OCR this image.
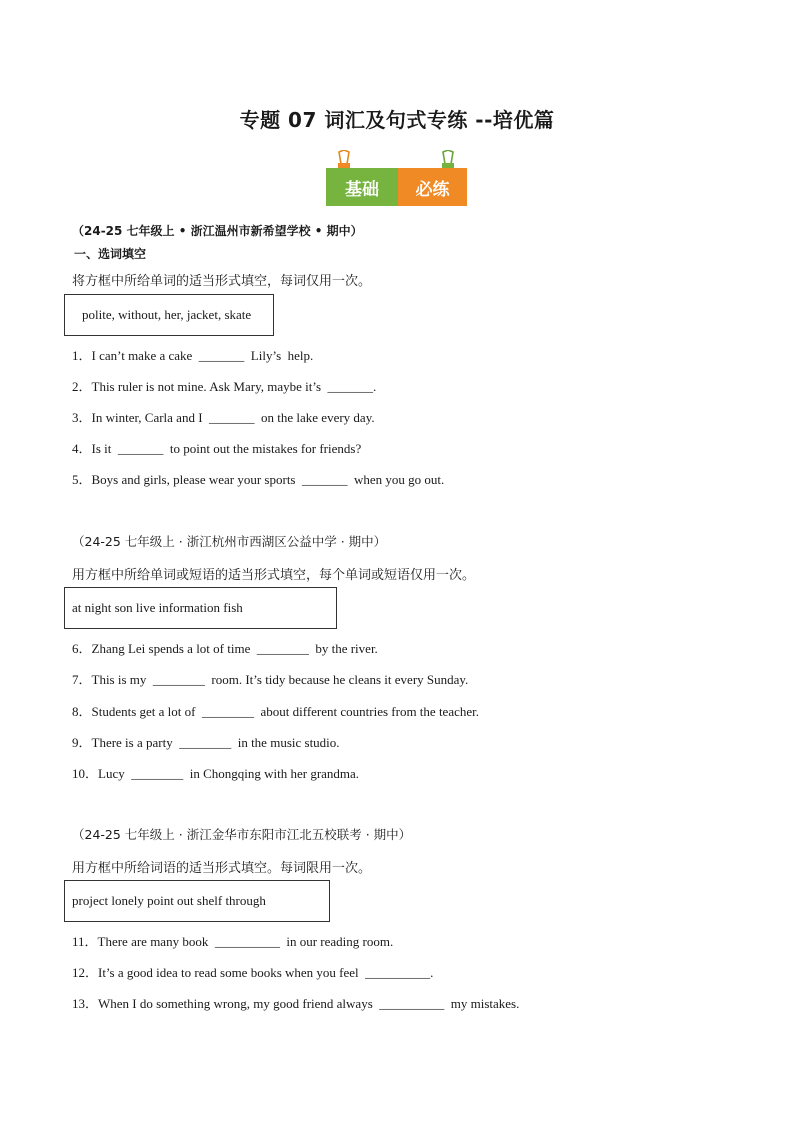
专题 07 词汇及句式专练 --培优篇
基础	必练
（24-25 七年级上 • 浙江温州市新希望学校 • 期中）
一、选词填空
将方框中所给单词的适当形式填空，每词仅用一次。
polite, without, her, jacket, skate
1．I can’t make a cake  _______  Lily’s  help.
2．This ruler is not mine. Ask Mary, maybe it’s  _______.
3．In winter, Carla and I  _______  on the lake every day.
4．Is it  _______  to point out the mistakes for friends?
5．Boys and girls, please wear your sports  _______  when you go out.
（24-25 七年级上 · 浙江杭州市西湖区公益中学 · 期中）
用方框中所给单词或短语的适当形式填空，每个单词或短语仅用一次。
at night son live information fish
6．Zhang Lei spends a lot of time  ________  by the river.
7．This is my  ________  room. It’s tidy because he cleans it every Sunday.
8．Students get a lot of  ________  about different countries from the teacher.
9．There is a party  ________  in the music studio.
10．Lucy  ________  in Chongqing with her grandma.
（24-25 七年级上 · 浙江金华市东阳市江北五校联考 · 期中）
用方框中所给词语的适当形式填空。每词限用一次。
project lonely point out shelf through
11．There are many book  __________  in our reading room.
12．It’s a good idea to read some books when you feel  __________.
13．When I do something wrong, my good friend always  __________  my mistakes.
